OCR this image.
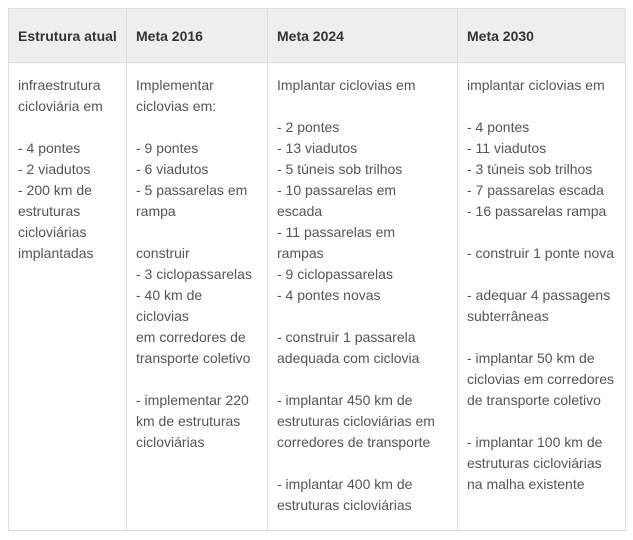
Estrutura atual	Meta 2016	Meta 2024	Meta 2030
infraestrutura
cicloviária em

- 4 pontes
- 2 viadutos
- 200 km de
estruturas
cicloviárias
implantadas	Implementar
ciclovias em:

- 9 pontes
- 6 viadutos
- 5 passarelas em
rampa

construir
- 3 ciclopassarelas
- 40 km de ciclovias
em corredores de
transporte coletivo

- implementar 220
km de estruturas
cicloviárias	Implantar ciclovias em

- 2 pontes
- 13 viadutos
- 5 túneis sob trilhos
- 10 passarelas em
escada
- 11 passarelas em
rampas
- 9 ciclopassarelas
- 4 pontes novas

- construir 1 passarela
adequada com ciclovia

- implantar 450 km de
estruturas cicloviárias em
corredores de transporte

- implantar 400 km de
estruturas cicloviárias	implantar ciclovias em

- 4 pontes
- 11 viadutos
- 3 túneis sob trilhos
- 7 passarelas escada
- 16 passarelas rampa

- construir 1 ponte nova

- adequar 4 passagens
subterrâneas

- implantar 50 km de
ciclovias em corredores
de transporte coletivo

- implantar 100 km de
estruturas cicloviárias
na malha existente
